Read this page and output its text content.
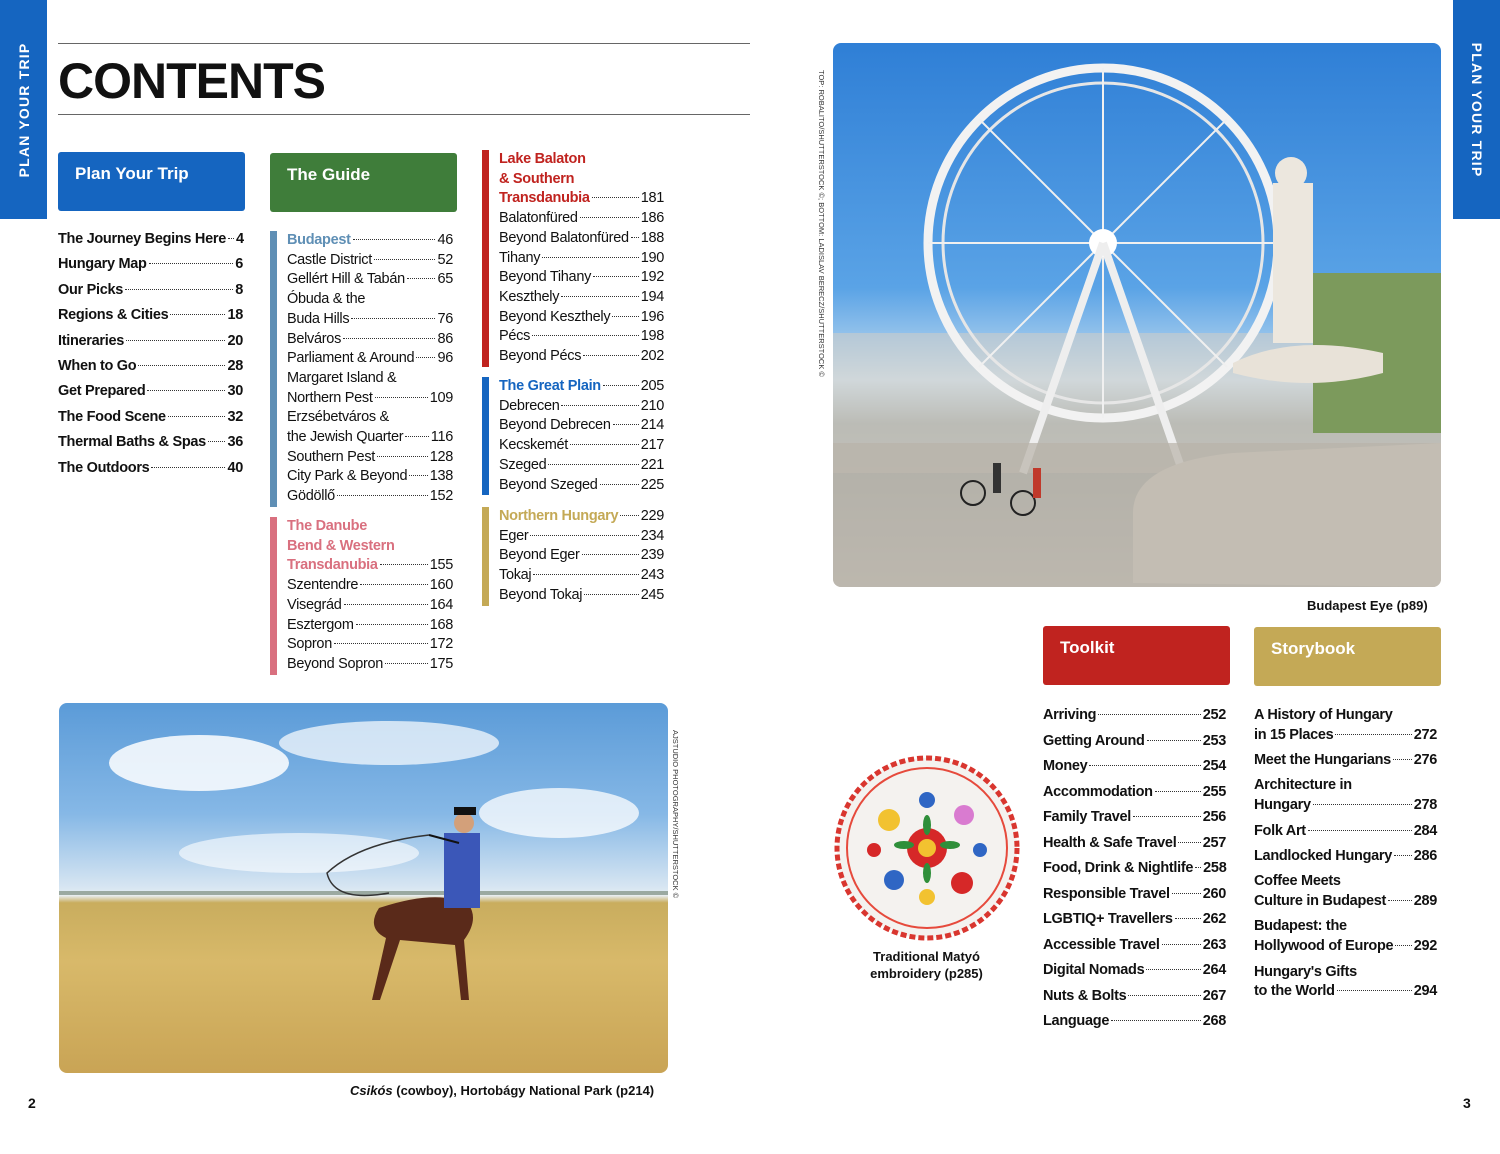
PLAN YOUR TRIP	PLAN YOUR TRIP
CONTENTS
Plan Your Trip
The Journey Begins Here 4
Hungary Map	6
Our Picks	8
Regions & Cities	18
Itineraries	20
When to Go	28
Get Prepared	30
The Food Scene	32
Thermal Baths & Spas 36
The Outdoors	40
The Guide
Budapest	46
Castle District	52
Gellért Hill & Tabán 65
Óbuda & the
Buda Hills	76
Belváros	86
Parliament & Around 96
Margaret Island &
Northern Pest	109
Erzsébetváros &
the Jewish Quarter 116
Southern Pest	128
City Park & Beyond 138
Gödöllő	152
The Danube
Bend & Western
Transdanubia	155
Szentendre	160
Visegrád	164
Esztergom	168
Sopron	172
Beyond Sopron	175
Lake Balaton
& Southern
Transdanubia	181
Balatonfüred	186
Beyond Balatonfüred 188
Tihany	190
Beyond Tihany	192
Keszthely	194
Beyond Keszthely 196
Pécs	198
Beyond Pécs	202
The Great Plain	205
Debrecen	210
Beyond Debrecen 214
Kecskemét	217
Szeged	221
Beyond Szeged	225
Northern Hungary 229
Eger	234
Beyond Eger	239
Tokaj	243
Beyond Tokaj	245
AJSTUDIO PHOTOGRAPHY/SHUTTERSTOCK ©
Csikós (cowboy), Hortobágy National Park (p214)
TOP: ROBALITO/SHUTTERSTOCK ©; BOTTOM: LADISLAV BERECZ/SHUTTERSTOCK ©
Budapest Eye (p89)
Traditional Matyó
embroidery (p285)
Toolkit
Arriving	252
Getting Around	253
Money	254
Accommodation	255
Family Travel	256
Health & Safe Travel 257
Food, Drink & Nightlife 258
Responsible Travel 260
LGBTIQ+ Travellers 262
Accessible Travel	263
Digital Nomads	264
Nuts & Bolts	267
Language	268
Storybook
A History of Hungary
in 15 Places	272
Meet the Hungarians 276
Architecture in
Hungary	278
Folk Art	284
Landlocked Hungary 286
Coffee Meets
Culture in Budapest 289
Budapest: the
Hollywood of Europe 292
Hungary's Gifts
to the World	294
2	3
